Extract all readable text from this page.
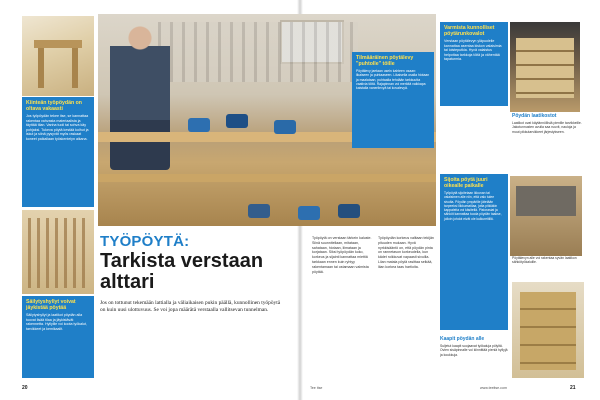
Kiinteän työpöydän on oltava vakaasti
Jos työpöydän tekee itse, se kannattaa rakentaa vahvasta materiaalista ja täyttää tilan. Vanha tuoli tai sohva käy pohjaksi. Tukeva pöytä kestää kolhut ja iskut ja siinä pysyvät myös raskaat koneet paikallaan työskentelyn aikana.
Säilytyshyllyt voivat jäykistää pöytää
Säilytyshyllyt ja laatikot pöydän alla tuovat lisää tilaa ja jäykistävät rakennetta. Hyllyille voi koota työkalut, tarvikkeet ja kemikaalit.
Tilmääräinen pöytälevy "puhtolle" töille
Pöytälevy jaetaan usein kahteen osaan: likaiseen ja puhtaaseen. Likaisella osalla hiotaan ja maalataan, puhtaalla tehdään tarkkuutta vaativia töitä. Rajapinnan voi merkitä vaikkapa kaistalla vanerilevyä tai kovalevyä.
Varmista kunnolliset pöytärunkovalot
Verstaan pöytälevyn yläpuolelle kannattaa asentaa kiskon valaisimia tai loisteputkia. Hyvä valaistus helpottaa tarkkoja töitä ja vähentää tapaturmia.
Sijoita pöytä juuri oikealle paikalle
Työpöytä sijoitetaan ikkunan tai valaisimen alle niin, että valo tulee sivulta. Pöydän ympärille jätetään tarpeeksi liikkumatilaa, jotta pitkiäkin kappaleita voi käsitellä. Pistorasiat ja sähköt kannattaa tuoda pöydän taakse, jolloin johdot eivät ole kulkureitillä.
Pöydän laatikostot
Laatikot ovat käytännöllisiä pienille tarvikkeille. Jakotunnusten avulla saa ruuvit, nauloja ja muut pikkutarvikkeet järjestykseen.
Pöytälevyn alle voi rakentaa syvän laatikon sähkötyökaluille.
Kaapit pöydän alle
Suljetut kaapit suojaavat työkaluja pölyltä. Ovien sisäpinnalle voi kiinnittää pieniä hyllyjä ja koukkuja.
TYÖPÖYTÄ:
Tarkista verstaan alttari
Jos on tottunut tekemään lattialla ja väliaikaisen pukin päällä, kunnollinen työpöytä on kuin uusi ulottuvuus. Se voi jopa määrätä verstaalla vallitsevan tunnelman.
Työpöytä on verstaan tärkein kaluste. Siinä suunnitellaan, mitataan, sahataan, hiotaan, liimataan ja korjataan. Siksi työpöydän koko, korkeus ja sijainti kannattaa miettiä tarkkaan ennen kuin ryhtyy rakentamaan tai ostamaan valmista pöytää.
Työpöydän korkeus valitaan tekijän pituuden mukaan. Hyvä nyrkkisääntö on, että pöydän pinta on rannetason korkeudella, kun kädet roikkuvat vapaasti sivuilla. Liian matala pöytä rasittaa selkää, liian korkea taas hartioita.
20	Tee itse	www.teeitse.com	21
